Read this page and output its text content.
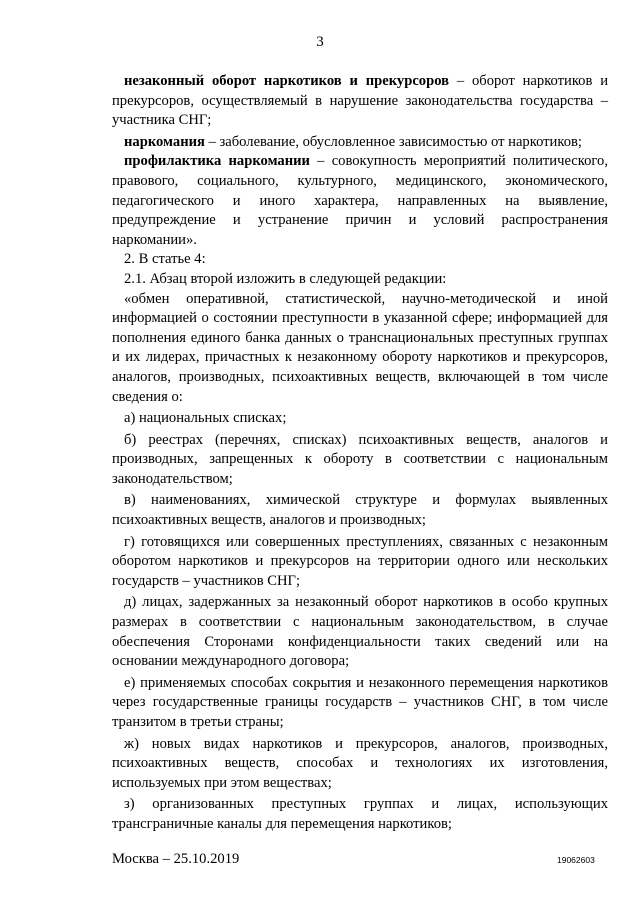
3

незаконный оборот наркотиков и прекурсоров – оборот наркотиков и прекурсоров, осуществляемый в нарушение законодательства государства – участника СНГ;

наркомания – заболевание, обусловленное зависимостью от наркотиков;

профилактика наркомании – совокупность мероприятий политического, правового, социального, культурного, медицинского, экономического, педагогического и иного характера, направленных на выявление, предупреждение и устранение причин и условий распространения наркомании».

2. В статье 4:

2.1. Абзац второй изложить в следующей редакции:

«обмен оперативной, статистической, научно-методической и иной информацией о состоянии преступности в указанной сфере; информацией для пополнения единого банка данных о транснациональных преступных группах и их лидерах, причастных к незаконному обороту наркотиков и прекурсоров, аналогов, производных, психоактивных веществ, включающей в том числе сведения о:

а) национальных списках;

б) реестрах (перечнях, списках) психоактивных веществ, аналогов и производных, запрещенных к обороту в соответствии с национальным законодательством;

в) наименованиях, химической структуре и формулах выявленных психоактивных веществ, аналогов и производных;

г) готовящихся или совершенных преступлениях, связанных с незаконным оборотом наркотиков и прекурсоров на территории одного или нескольких государств – участников СНГ;

д) лицах, задержанных за незаконный оборот наркотиков в особо крупных размерах в соответствии с национальным законодательством, в случае обеспечения Сторонами конфиденциальности таких сведений или на основании международного договора;

е) применяемых способах сокрытия и незаконного перемещения наркотиков через государственные границы государств – участников СНГ, в том числе транзитом в третьи страны;

ж) новых видах наркотиков и прекурсоров, аналогов, производных, психоактивных веществ, способах и технологиях их изготовления, используемых при этом веществах;

з) организованных преступных группах и лицах, использующих трансграничные каналы для перемещения наркотиков;

Москва – 25.10.2019	19062603
